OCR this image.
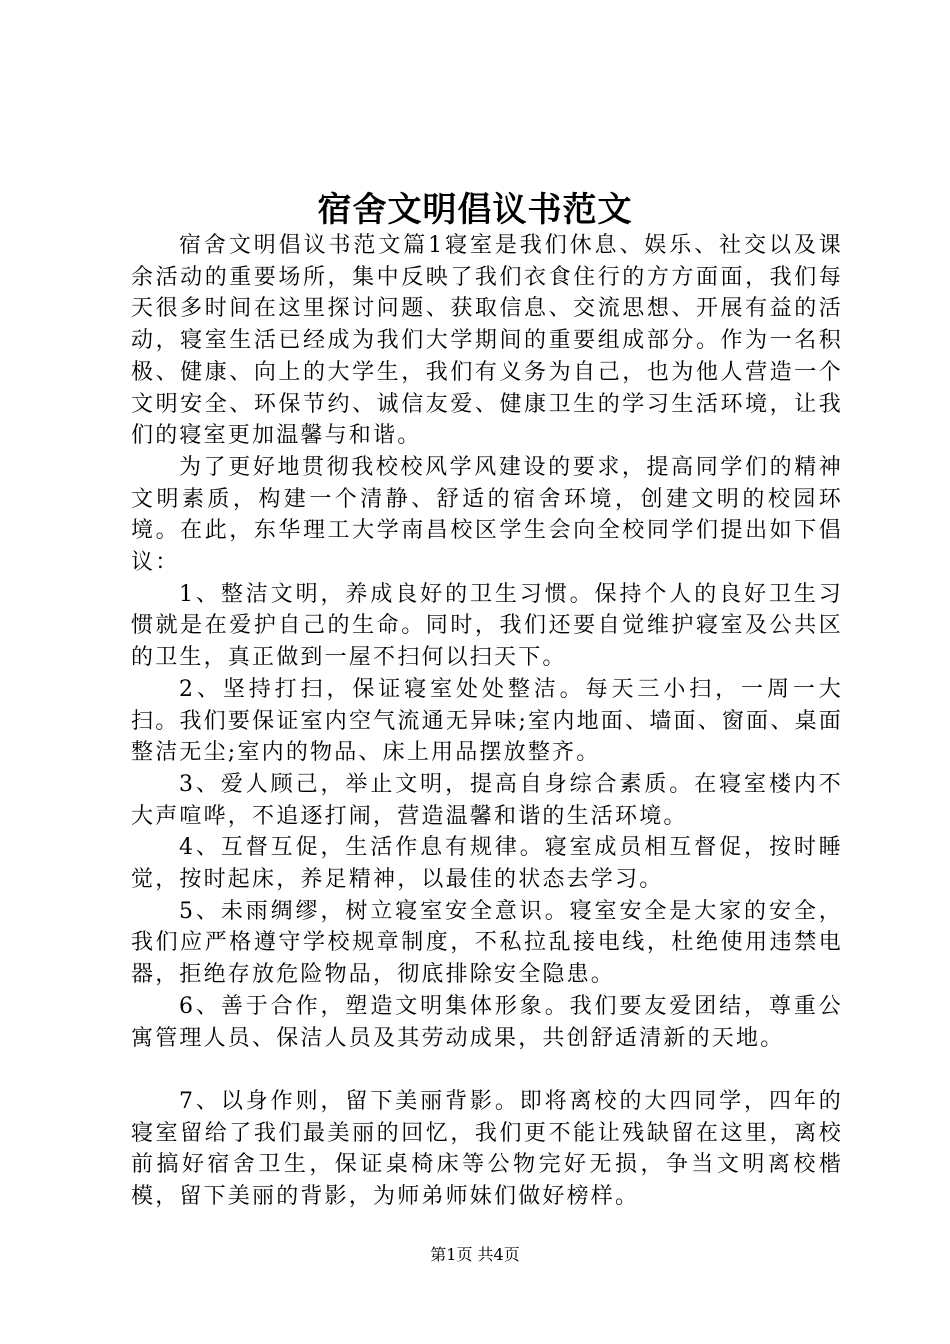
宿舍文明倡议书范文

宿舍文明倡议书范文篇1寝室是我们休息、娱乐、社交以及课余活动的重要场所，集中反映了我们衣食住行的方方面面，我们每天很多时间在这里探讨问题、获取信息、交流思想、开展有益的活动，寝室生活已经成为我们大学期间的重要组成部分。作为一名积极、健康、向上的大学生，我们有义务为自己，也为他人营造一个文明安全、环保节约、诚信友爱、健康卫生的学习生活环境，让我们的寝室更加温馨与和谐。

为了更好地贯彻我校校风学风建设的要求，提高同学们的精神文明素质，构建一个清静、舒适的宿舍环境，创建文明的校园环境。在此，东华理工大学南昌校区学生会向全校同学们提出如下倡议：

1、整洁文明，养成良好的卫生习惯。保持个人的良好卫生习惯就是在爱护自己的生命。同时，我们还要自觉维护寝室及公共区的卫生，真正做到一屋不扫何以扫天下。

2、坚持打扫，保证寝室处处整洁。每天三小扫，一周一大扫。我们要保证室内空气流通无异味;室内地面、墙面、窗面、桌面整洁无尘;室内的物品、床上用品摆放整齐。

3、爱人顾己，举止文明，提高自身综合素质。在寝室楼内不大声喧哗，不追逐打闹，营造温馨和谐的生活环境。

4、互督互促，生活作息有规律。寝室成员相互督促，按时睡觉，按时起床，养足精神，以最佳的状态去学习。

5、未雨绸缪，树立寝室安全意识。寝室安全是大家的安全，我们应严格遵守学校规章制度，不私拉乱接电线，杜绝使用违禁电器，拒绝存放危险物品，彻底排除安全隐患。

6、善于合作，塑造文明集体形象。我们要友爱团结，尊重公寓管理人员、保洁人员及其劳动成果，共创舒适清新的天地。

7、以身作则，留下美丽背影。即将离校的大四同学，四年的寝室留给了我们最美丽的回忆，我们更不能让残缺留在这里，离校前搞好宿舍卫生，保证桌椅床等公物完好无损，争当文明离校楷模，留下美丽的背影，为师弟师妹们做好榜样。

第1页 共4页
